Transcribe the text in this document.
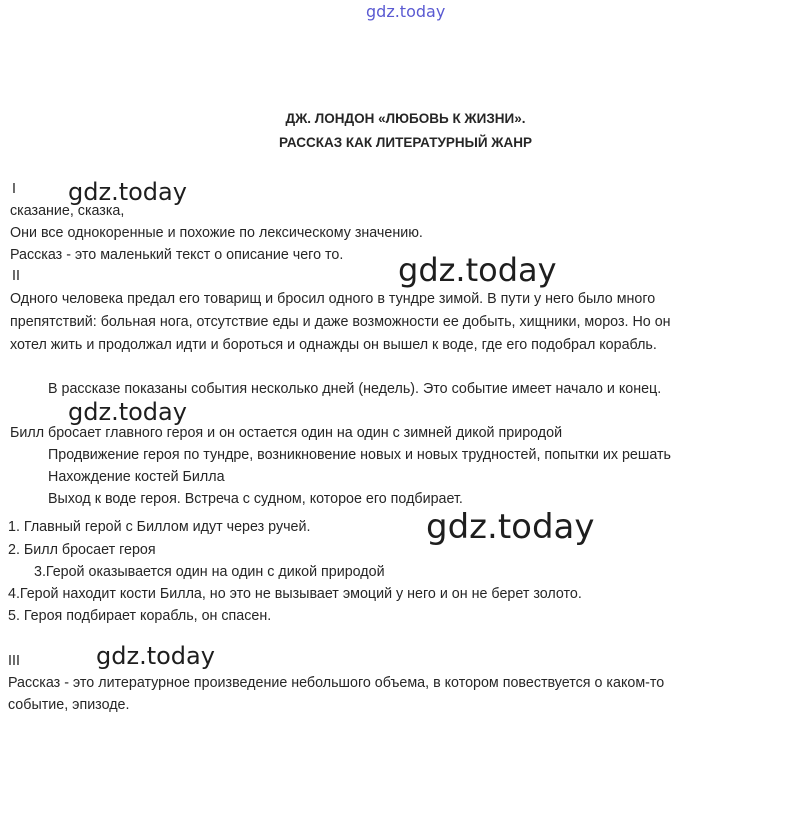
gdz.today
gdz.today
gdz.today
gdz.today
gdz.today
gdz.today
ДЖ. ЛОНДОН «ЛЮБОВЬ К ЖИЗНИ».
РАССКАЗ КАК ЛИТЕРАТУРНЫЙ ЖАНР
I
сказание, сказка,
Они все однокоренные и похожие по лексическому значению.
Рассказ - это маленький текст о описание чего то.
II
Одного человека предал его товарищ и бросил одного в тундре зимой. В пути у него было много
препятствий: больная нога, отсутствие еды и даже возможности ее добыть, хищники, мороз. Но он
хотел жить и продолжал идти и бороться и однажды он вышел к воде, где его подобрал корабль.
В рассказе показаны события несколько дней (недель). Это событие имеет начало и конец.
Билл бросает главного героя и он остается один на один с зимней дикой природой
Продвижение героя по тундре, возникновение новых и новых трудностей, попытки их решать
Нахождение костей Билла
Выход к воде героя. Встреча с судном, которое его подбирает.
1. Главный герой с Биллом идут через ручей.
2. Билл бросает героя
3.Герой оказывается один на один с дикой природой
4.Герой находит кости Билла, но это не вызывает эмоций у него и он не берет золото.
5. Героя подбирает корабль, он спасен.
III
Рассказ - это литературное произведение небольшого объема, в котором повествуется о каком-то
событие, эпизоде.
